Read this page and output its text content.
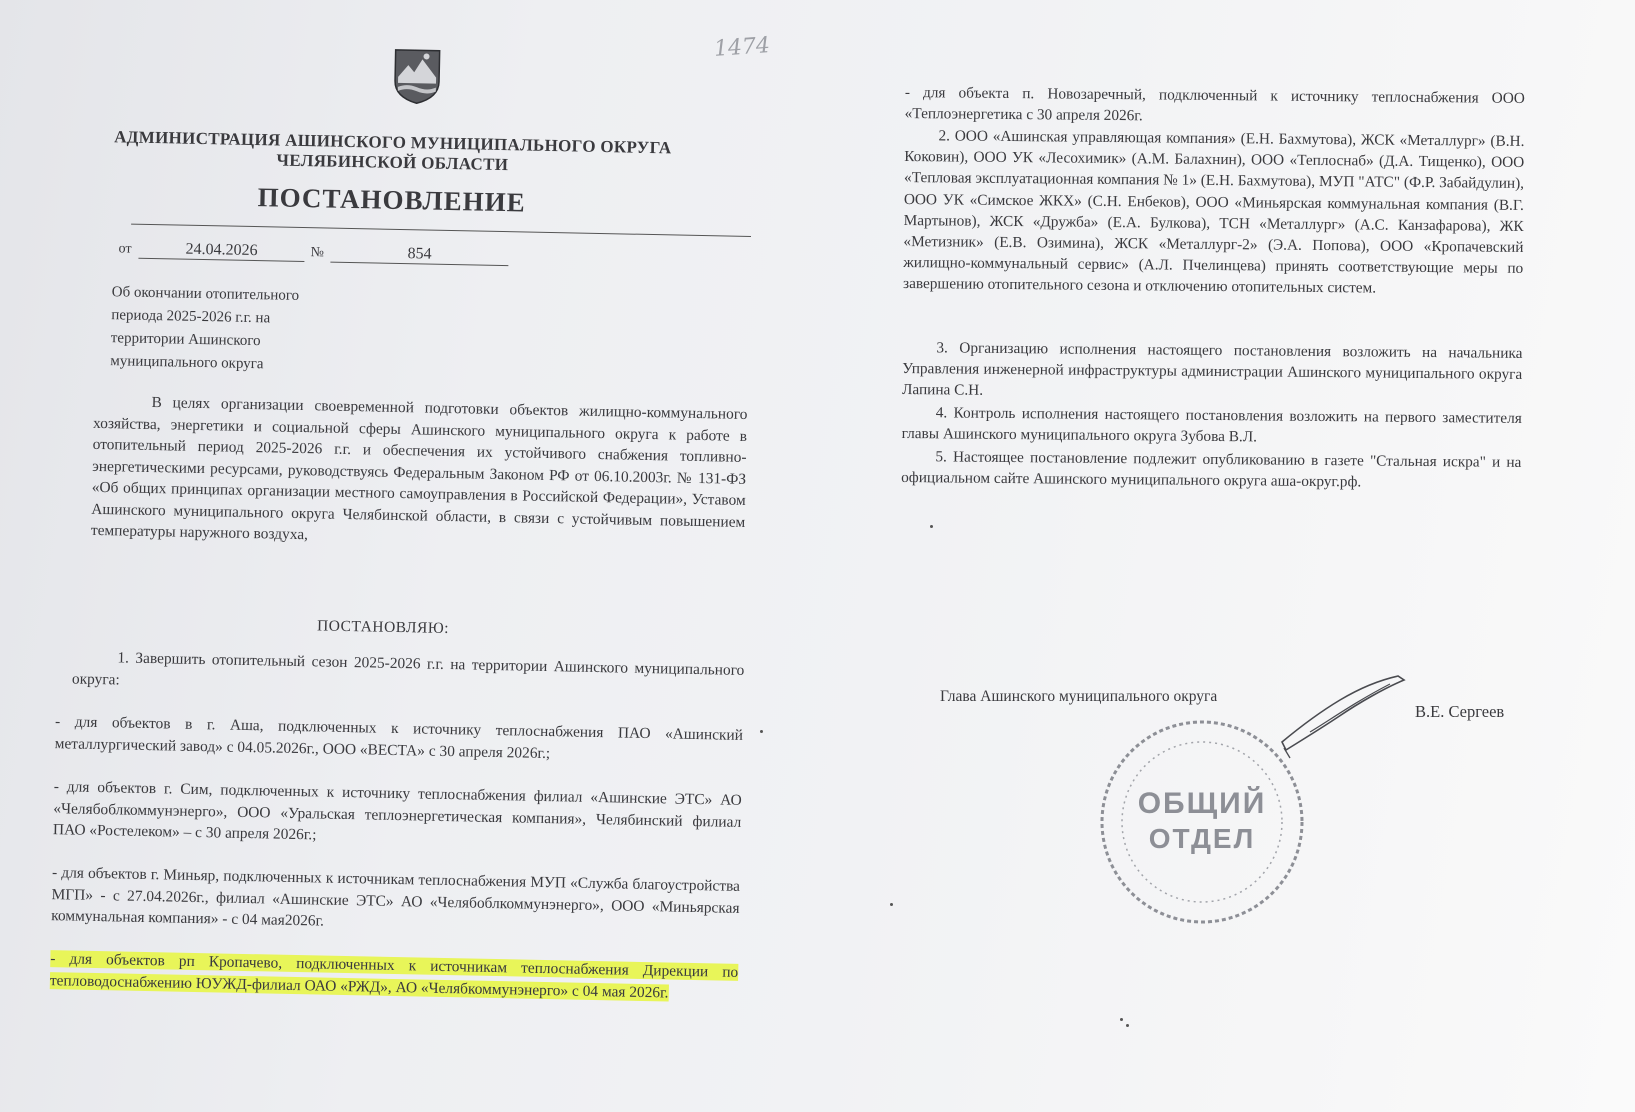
1474
АДМИНИСТРАЦИЯ АШИНСКОГО МУНИЦИПАЛЬНОГО ОКРУГА
ЧЕЛЯБИНСКОЙ ОБЛАСТИ
ПОСТАНОВЛЕНИЕ
от	24.04.2026	№	854
Об окончании отопительного
периода 2025-2026 г.г. на
территории Ашинского
муниципального округа

В целях организации своевременной подготовки объектов жилищно-коммунального хозяйства, энергетики и социальной сферы Ашинского муниципального округа к работе в отопительный период 2025-2026 г.г. и обеспечения их устойчивого снабжения топливно-энергетическими ресурсами, руководствуясь Федеральным Законом РФ от 06.10.2003г. № 131-ФЗ «Об общих принципах организации местного самоуправления в Российской Федерации», Уставом Ашинского муниципального округа Челябинской области, в связи с устойчивым повышением температуры наружного воздуха,

ПОСТАНОВЛЯЮ:

1. Завершить отопительный сезон 2025-2026 г.г. на территории Ашинского муниципального округа:

- для объектов в г. Аша, подключенных к источнику теплоснабжения ПАО «Ашинский металлургический завод» с 04.05.2026г., ООО «ВЕСТА» с 30 апреля 2026г.;

- для объектов г. Сим, подключенных к источнику теплоснабжения филиал «Ашинские ЭТС» АО «Челябоблкоммунэнерго», ООО «Уральская теплоэнергетическая компания», Челябинский филиал ПАО «Ростелеком» – с 30 апреля 2026г.;

- для объектов г. Миньяр, подключенных к источникам теплоснабжения МУП «Служба благоустройства МГП» - с 27.04.2026г., филиал «Ашинские ЭТС» АО «Челябоблкоммунэнерго», ООО «Миньярская коммунальная компания» - с 04 мая2026г.

- для объектов рп Кропачево, подключенных к источникам теплоснабжения Дирекции по тепловодоснабжению ЮУЖД-филиал ОАО «РЖД», АО «Челябкоммунэнерго» с 04 мая 2026г.

- для объекта п. Новозаречный, подключенный к источнику теплоснабжения ООО «Теплоэнергетика с 30 апреля 2026г.

2. ООО «Ашинская управляющая компания» (Е.Н. Бахмутова), ЖСК «Металлург» (В.Н. Коковин), ООО УК «Лесохимик» (А.М. Балахнин), ООО «Теплоснаб» (Д.А. Тищенко), ООО «Тепловая эксплуатационная компания № 1» (Е.Н. Бахмутова), МУП "АТС" (Ф.Р. Забайдулин), ООО УК «Симское ЖКХ» (С.Н. Енбеков), ООО «Миньярская коммунальная компания (В.Г. Мартынов), ЖСК «Дружба» (Е.А. Булкова), ТСН «Металлург» (А.С. Канзафарова), ЖК «Метизник» (Е.В. Озимина), ЖСК «Металлург-2» (Э.А. Попова), ООО «Кропачевский жилищно-коммунальный сервис» (А.Л. Пчелинцева) принять соответствующие меры по завершению отопительного сезона и отключению отопительных систем.

3. Организацию исполнения настоящего постановления возложить на начальника Управления инженерной инфраструктуры администрации Ашинского муниципального округа Лапина С.Н.

4. Контроль исполнения настоящего постановления возложить на первого заместителя главы Ашинского муниципального округа Зубова В.Л.

5. Настоящее постановление подлежит опубликованию в газете "Стальная искра" и на официальном сайте Ашинского муниципального округа аша-округ.рф.

Глава Ашинского муниципального округа
В.Е. Сергеев
ОБЩИЙ
ОТДЕЛ
